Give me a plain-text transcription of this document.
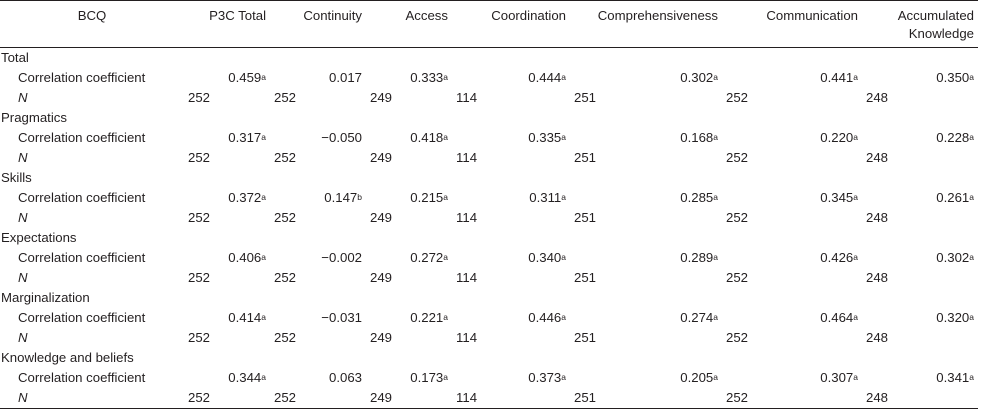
BCQ	P3C Total	Continuity	Access	Coordination	Comprehensiveness	Communication	Accumulated Knowledge
Total							
Correlation coefficient	0.459$^a$	0.017	0.333$^a$	0.444$^a$	0.302$^a$	0.441$^a$	0.350$^a$
N	252	252	249	114	251	252	248
Pragmatics							
Correlation coefficient	0.317$^a$	−0.050	0.418$^a$	0.335$^a$	0.168$^a$	0.220$^a$	0.228$^a$
N	252	252	249	114	251	252	248
Skills							
Correlation coefficient	0.372$^a$	0.147$^b$	0.215$^a$	0.311$^a$	0.285$^a$	0.345$^a$	0.261$^a$
N	252	252	249	114	251	252	248
Expectations							
Correlation coefficient	0.406$^a$	−0.002	0.272$^a$	0.340$^a$	0.289$^a$	0.426$^a$	0.302$^a$
N	252	252	249	114	251	252	248
Marginalization							
Correlation coefficient	0.414$^a$	−0.031	0.221$^a$	0.446$^a$	0.274$^a$	0.464$^a$	0.320$^a$
N	252	252	249	114	251	252	248
Knowledge and beliefs							
Correlation coefficient	0.344$^a$	0.063	0.173$^a$	0.373$^a$	0.205$^a$	0.307$^a$	0.341$^a$
N	252	252	249	114	251	252	248
